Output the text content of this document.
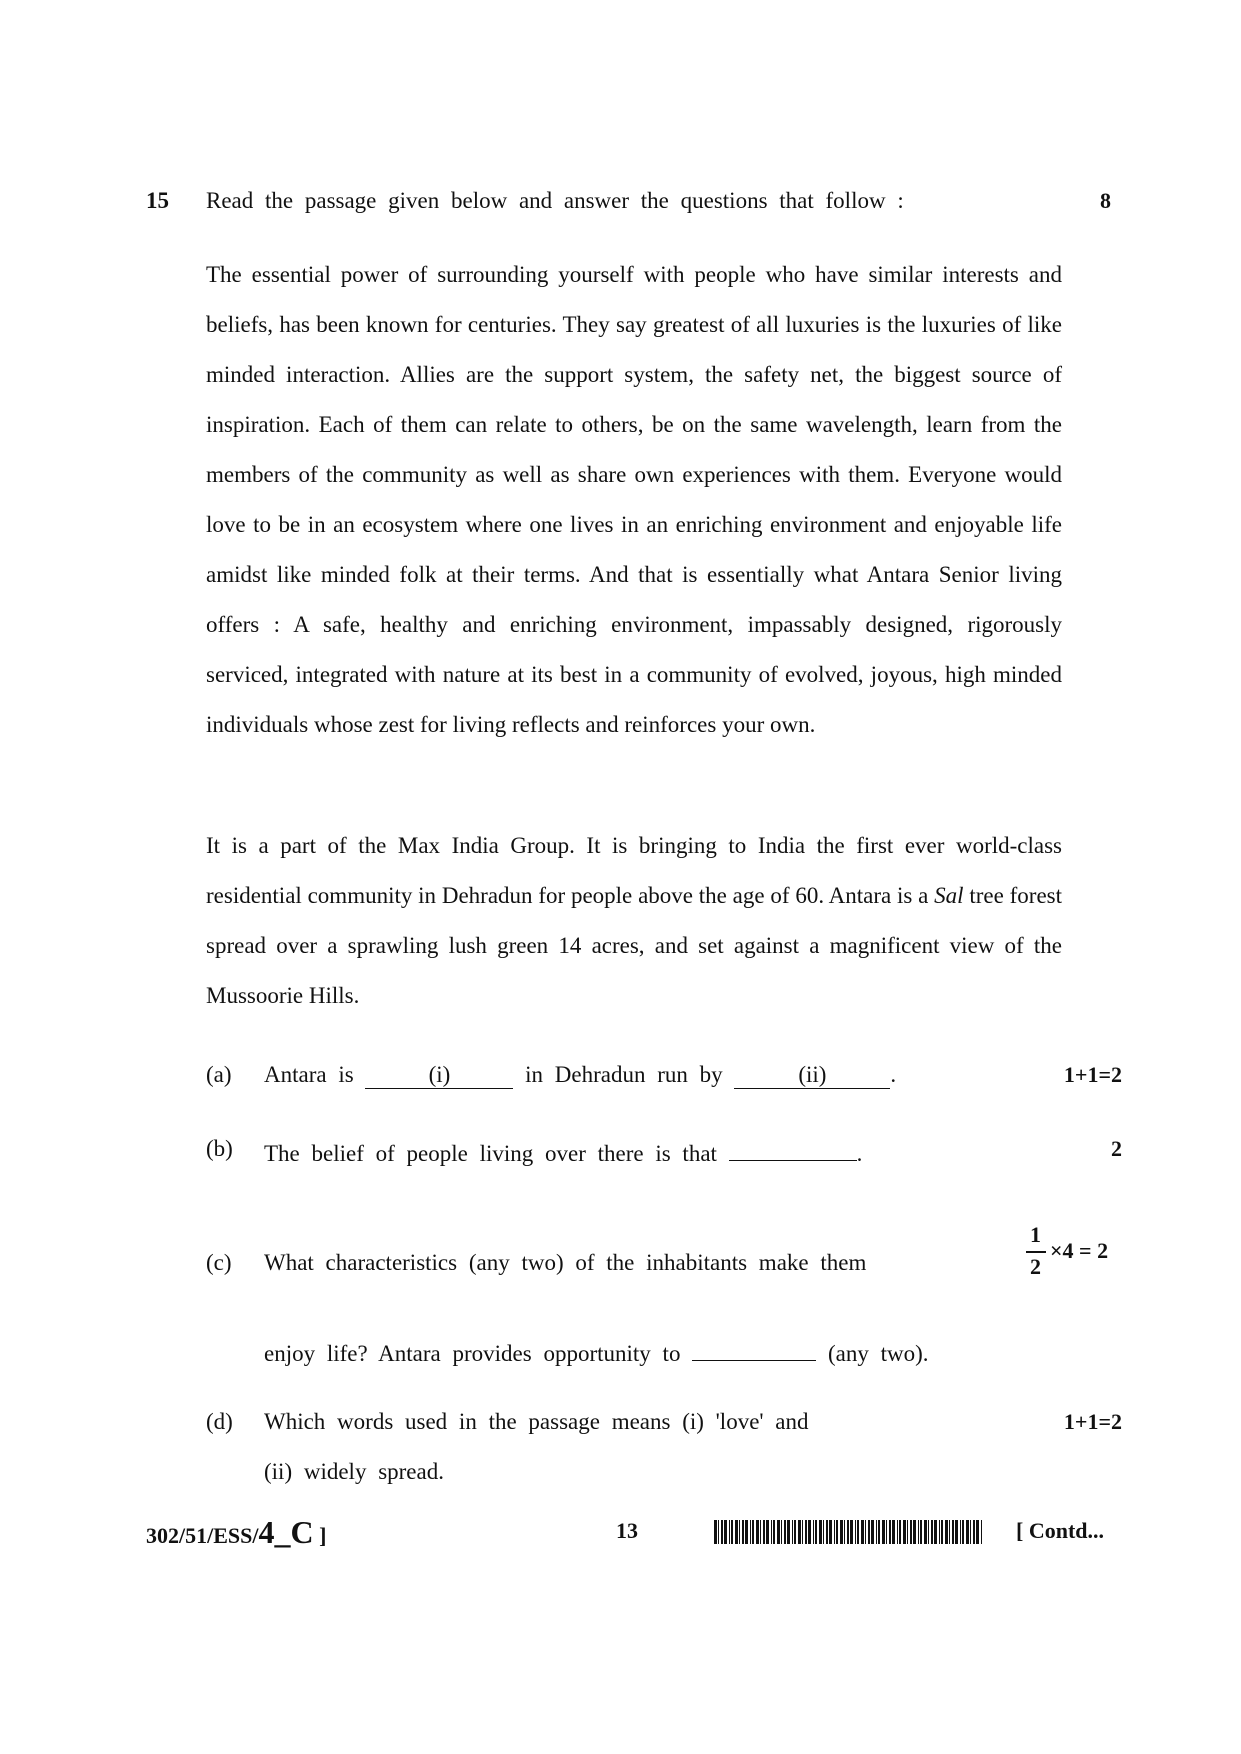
15 Read the passage given below and answer the questions that follow :	8
The essential power of surrounding yourself with people who have similar interests and beliefs, has been known for centuries. They say greatest of all luxuries is the luxuries of like minded interaction. Allies are the support system, the safety net, the biggest source of inspiration. Each of them can relate to others, be on the same wavelength, learn from the members of the community as well as share own experiences with them. Everyone would love to be in an ecosystem where one lives in an enriching environment and enjoyable life amidst like minded folk at their terms. And that is essentially what Antara Senior living offers : A safe, healthy and enriching environment, impassably designed, rigorously serviced, integrated with nature at its best in a community of evolved, joyous, high minded individuals whose zest for living reflects and reinforces your own.
It is a part of the Max India Group. It is bringing to India the first ever world-class residential community in Dehradun for people above the age of 60. Antara is a Sal tree forest spread over a sprawling lush green 14 acres, and set against a magnificent view of the Mussoorie Hills.
(a) Antara is	(i)	in Dehradun run by	(ii)	.	1+1=2
(b) The belief of people living over there is that	.	2
(c) What characteristics (any two) of the inhabitants make them
1
2
×4 = 2
enjoy life? Antara provides opportunity to	(any two).
(d) Which words used in the passage means (i) 'love' and
(ii) widely spread.
1+1=2
302/51/ESS/4_C ]	13	[ Contd...
